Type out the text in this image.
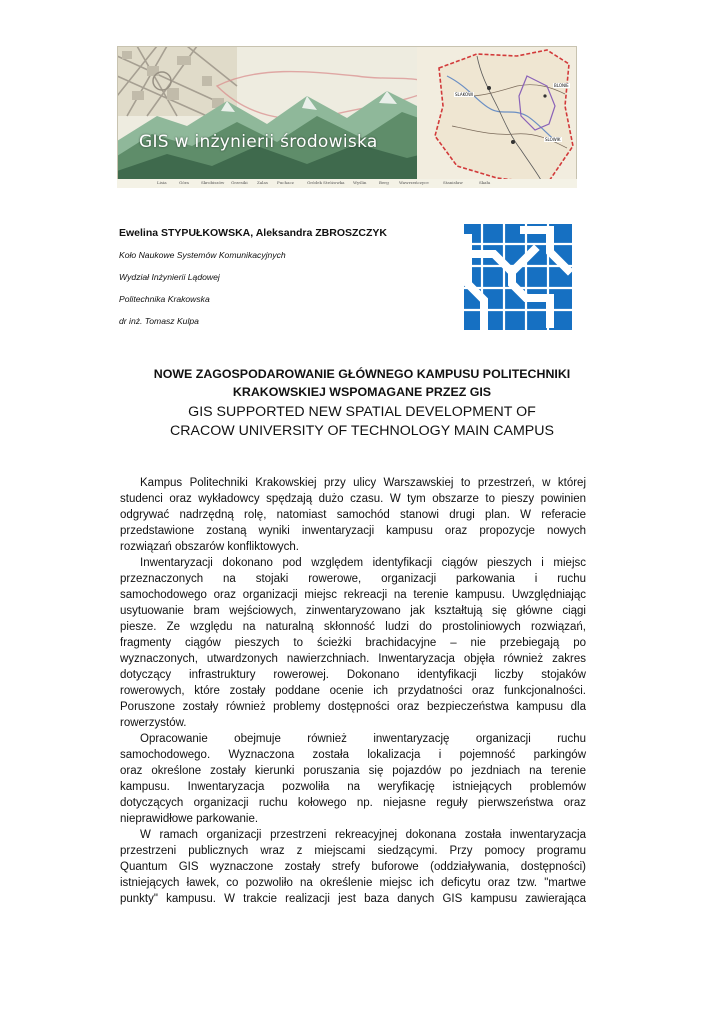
SLAKOWI
BLONIE
SLOWIK
GIS w inżynierii środowiska
Lisia	Góra	Skrobiszów Grzesiki Zalas Puchacz	Gródek Stróżowka Wyślin	Berg	Wawrzeńczyce	Stanisław	Skała
Ewelina STYPUŁKOWSKA, Aleksandra ZBROSZCZYK
Koło Naukowe Systemów Komunikacyjnych
Wydział Inżynierii Lądowej
Politechnika Krakowska
dr inż. Tomasz Kulpa
NOWE ZAGOSPODAROWANIE GŁÓWNEGO KAMPUSU POLITECHNIKI
KRAKOWSKIEJ WSPOMAGANE PRZEZ GIS
GIS SUPPORTED NEW SPATIAL DEVELOPMENT OF
CRACOW UNIVERSITY OF TECHNOLOGY MAIN CAMPUS
Kampus Politechniki Krakowskiej przy ulicy Warszawskiej to przestrzeń, w której
studenci oraz wykładowcy spędzają dużo czasu. W tym obszarze to pieszy powinien
odgrywać nadrzędną rolę, natomiast samochód stanowi drugi plan. W referacie
przedstawione zostaną wyniki inwentaryzacji kampusu oraz propozycje nowych
rozwiązań obszarów konfliktowych.
Inwentaryzacji dokonano pod względem identyfikacji ciągów pieszych i miejsc
przeznaczonych na stojaki rowerowe, organizacji parkowania i ruchu
samochodowego oraz organizacji miejsc rekreacji na terenie kampusu. Uwzględniając
usytuowanie bram wejściowych, zinwentaryzowano jak kształtują się główne ciągi
piesze. Ze względu na naturalną skłonność ludzi do prostoliniowych rozwiązań,
fragmenty ciągów pieszych to ścieżki brachidacyjne – nie przebiegają po
wyznaczonych, utwardzonych nawierzchniach. Inwentaryzacja objęła również zakres
dotyczący infrastruktury rowerowej. Dokonano identyfikacji liczby stojaków
rowerowych, które zostały poddane ocenie ich przydatności oraz funkcjonalności.
Poruszone zostały również problemy dostępności oraz bezpieczeństwa kampusu dla
rowerzystów.
Opracowanie obejmuje również inwentaryzację organizacji ruchu
samochodowego. Wyznaczona została lokalizacja i pojemność parkingów
oraz określone zostały kierunki poruszania się pojazdów po jezdniach na terenie
kampusu. Inwentaryzacja pozwoliła na weryfikację istniejących problemów
dotyczących organizacji ruchu kołowego np. niejasne reguły pierwszeństwa oraz
nieprawidłowe parkowanie.
W ramach organizacji przestrzeni rekreacyjnej dokonana została inwentaryzacja
przestrzeni publicznych wraz z miejscami siedzącymi. Przy pomocy programu
Quantum GIS wyznaczone zostały strefy buforowe (oddziaływania, dostępności)
istniejących ławek, co pozwoliło na określenie miejsc ich deficytu oraz tzw. "martwe
punkty" kampusu. W trakcie realizacji jest baza danych GIS kampusu zawierająca
